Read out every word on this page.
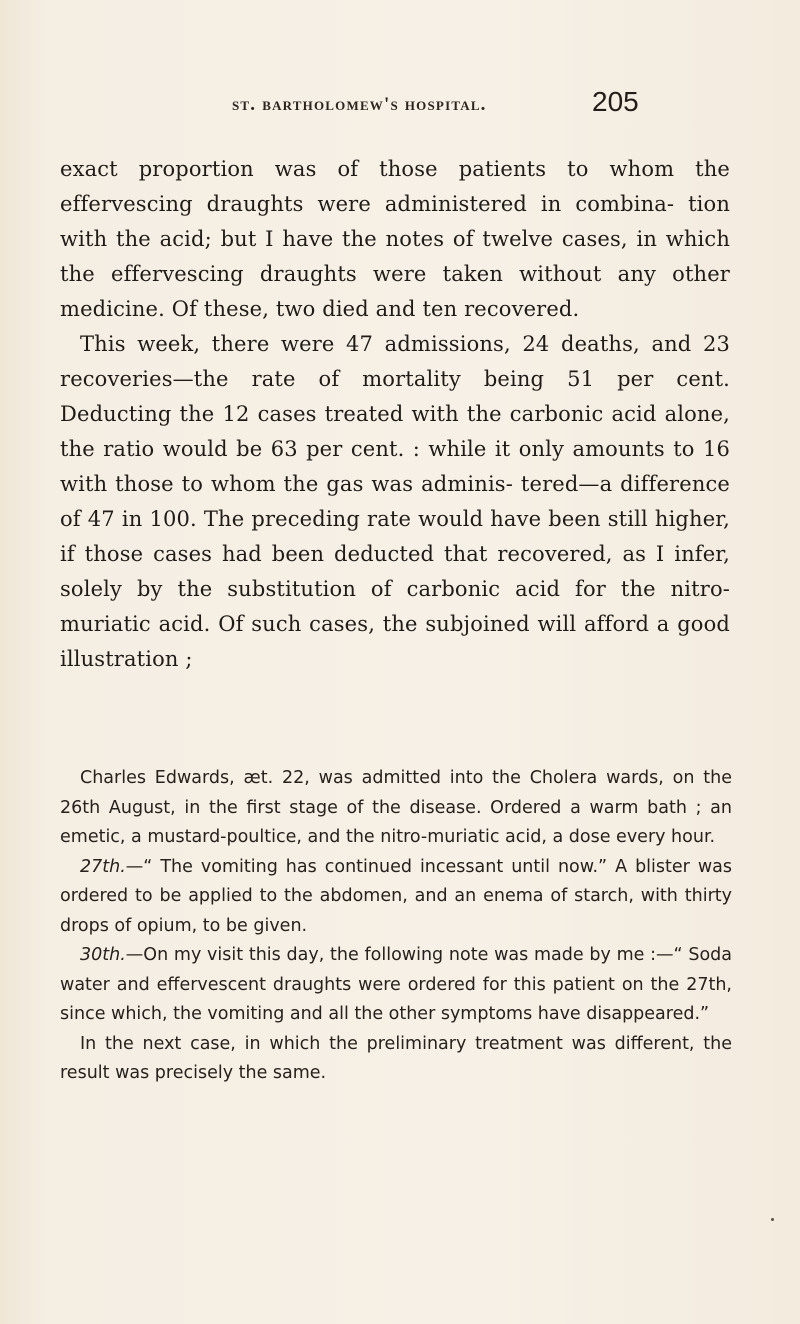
st. bartholomew's hospital.	205

exact proportion was of those patients to whom the effervescing draughts were administered in combina- tion with the acid; but I have the notes of twelve cases, in which the effervescing draughts were taken without any other medicine. Of these, two died and ten recovered.

This week, there were 47 admissions, 24 deaths, and 23 recoveries—the rate of mortality being 51 per cent. Deducting the 12 cases treated with the carbonic acid alone, the ratio would be 63 per cent. : while it only amounts to 16 with those to whom the gas was adminis- tered—a difference of 47 in 100. The preceding rate would have been still higher, if those cases had been deducted that recovered, as I infer, solely by the substitution of carbonic acid for the nitro-muriatic acid. Of such cases, the subjoined will afford a good illustration ;

Charles Edwards, æt. 22, was admitted into the Cholera wards, on the 26th August, in the first stage of the disease. Ordered a warm bath ; an emetic, a mustard-poultice, and the nitro-muriatic acid, a dose every hour.

27th.—“ The vomiting has continued incessant until now.” A blister was ordered to be applied to the abdomen, and an enema of starch, with thirty drops of opium, to be given.

30th.—On my visit this day, the following note was made by me :—“ Soda water and effervescent draughts were ordered for this patient on the 27th, since which, the vomiting and all the other symptoms have disappeared.”

In the next case, in which the preliminary treatment was different, the result was precisely the same.
